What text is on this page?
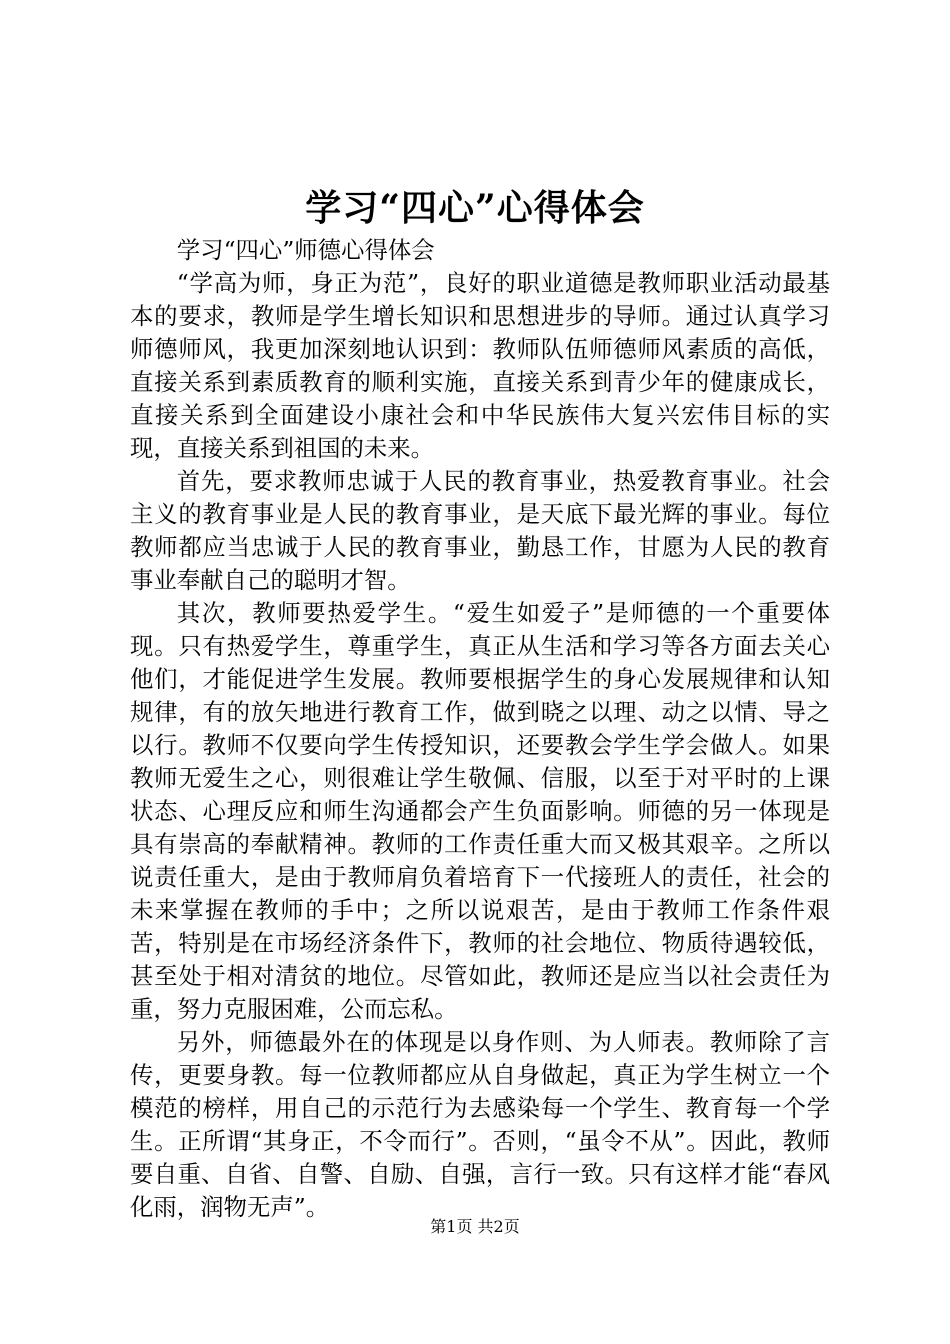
学习“四心”心得体会

学习“四心”师德心得体会

“学高为师，身正为范”，良好的职业道德是教师职业活动最基本的要求，教师是学生增长知识和思想进步的导师。通过认真学习师德师风，我更加深刻地认识到：教师队伍师德师风素质的高低，直接关系到素质教育的顺利实施，直接关系到青少年的健康成长，直接关系到全面建设小康社会和中华民族伟大复兴宏伟目标的实现，直接关系到祖国的未来。

首先，要求教师忠诚于人民的教育事业，热爱教育事业。社会主义的教育事业是人民的教育事业，是天底下最光辉的事业。每位教师都应当忠诚于人民的教育事业，勤恳工作，甘愿为人民的教育事业奉献自己的聪明才智。

其次，教师要热爱学生。“爱生如爱子”是师德的一个重要体现。只有热爱学生，尊重学生，真正从生活和学习等各方面去关心他们，才能促进学生发展。教师要根据学生的身心发展规律和认知规律，有的放矢地进行教育工作，做到晓之以理、动之以情、导之以行。教师不仅要向学生传授知识，还要教会学生学会做人。如果教师无爱生之心，则很难让学生敬佩、信服，以至于对平时的上课状态、心理反应和师生沟通都会产生负面影响。师德的另一体现是具有崇高的奉献精神。教师的工作责任重大而又极其艰辛。之所以说责任重大，是由于教师肩负着培育下一代接班人的责任，社会的未来掌握在教师的手中；之所以说艰苦，是由于教师工作条件艰苦，特别是在市场经济条件下，教师的社会地位、物质待遇较低，甚至处于相对清贫的地位。尽管如此，教师还是应当以社会责任为重，努力克服困难，公而忘私。

另外，师德最外在的体现是以身作则、为人师表。教师除了言传，更要身教。每一位教师都应从自身做起，真正为学生树立一个模范的榜样，用自己的示范行为去感染每一个学生、教育每一个学生。正所谓“其身正，不令而行”。否则，“虽令不从”。因此，教师要自重、自省、自警、自励、自强，言行一致。只有这样才能“春风化雨，润物无声”。

第1页 共2页
